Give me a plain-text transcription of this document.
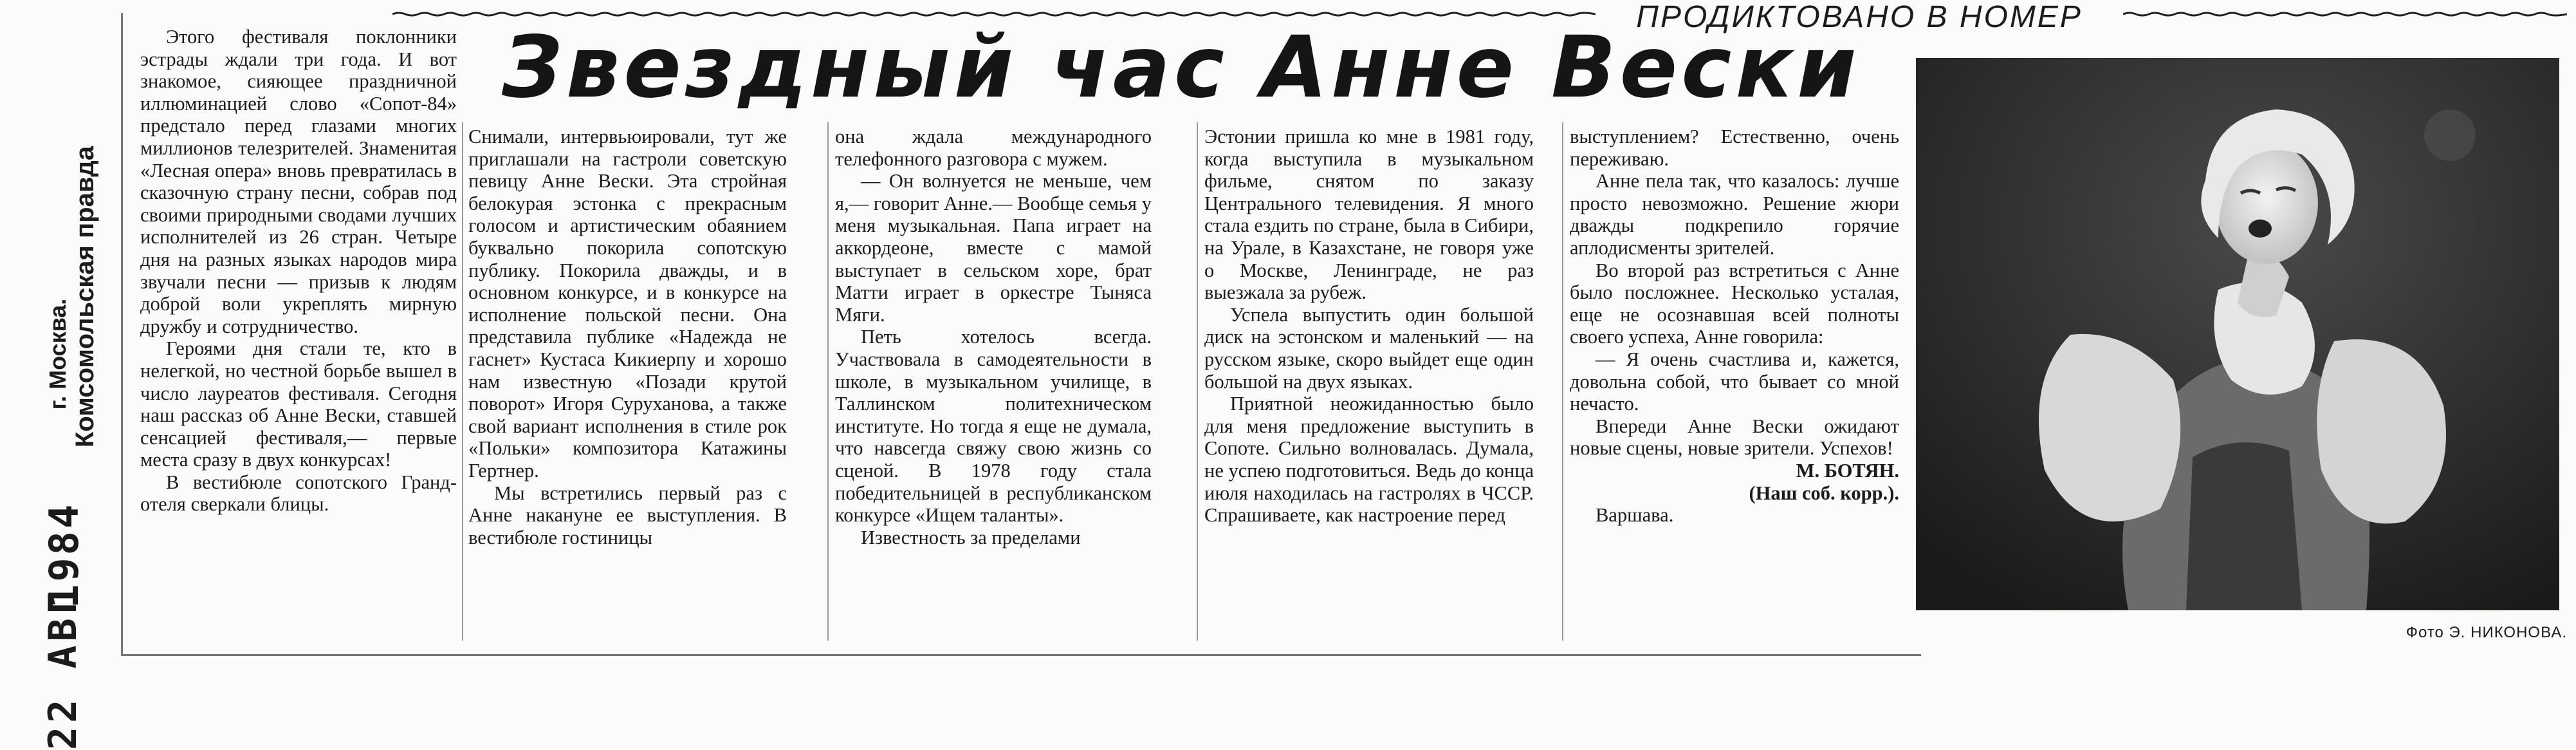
Комсомольская правда
г. Москва.
1984
22 АВГ
ПРОДИКТОВАНО В НОМЕР
Звездный час Анне Вески

Этого фестиваля поклонники эстрады ждали три года. И вот знакомое, сияющее праздничной иллюминацией слово «Сопот-84» предстало перед глазами многих миллионов телезрителей. Знаменитая «Лесная опера» вновь превратилась в сказочную страну песни, собрав под своими природными сводами лучших исполнителей из 26 стран. Четыре дня на разных языках народов мира звучали песни — призыв к людям доброй воли укреплять мирную дружбу и сотрудничество.

Героями дня стали те, кто в нелегкой, но честной борьбе вышел в число лауреатов фестиваля. Сегодня наш рассказ об Анне Вески, ставшей сенсацией фестиваля,— первые места сразу в двух конкурсах!

В вестибюле сопотского Гранд-отеля сверкали блицы.

Снимали, интервьюировали, тут же приглашали на гастроли советскую певицу Анне Вески. Эта стройная белокурая эстонка с прекрасным голосом и артистическим обаянием буквально покорила сопотскую публику. Покорила дважды, и в основном конкурсе, и в конкурсе на исполнение польской песни. Она представила публике «Надежда не гаснет» Кустаса Кикиерпу и хорошо нам известную «Позади крутой поворот» Игоря Суруханова, а также свой вариант исполнения в стиле рок «Польки» композитора Катажины Гертнер.

Мы встретились первый раз с Анне накануне ее выступления. В вестибюле гостиницы

она ждала международного телефонного разговора с мужем.

— Он волнуется не меньше, чем я,— говорит Анне.— Вообще семья у меня музыкальная. Папа играет на аккордеоне, вместе с мамой выступает в сельском хоре, брат Матти играет в оркестре Тыняса Мяги.

Петь хотелось всегда. Участвовала в самодеятельности в школе, в музыкальном училище, в Таллинском политехническом институте. Но тогда я еще не думала, что навсегда свяжу свою жизнь со сценой. В 1978 году стала победительницей в республиканском конкурсе «Ищем таланты».

Известность за пределами

Эстонии пришла ко мне в 1981 году, когда выступила в музыкальном фильме, снятом по заказу Центрального телевидения. Я много стала ездить по стране, была в Сибири, на Урале, в Казахстане, не говоря уже о Москве, Ленинграде, не раз выезжала за рубеж.

Успела выпустить один большой диск на эстонском и маленький — на русском языке, скоро выйдет еще один большой на двух языках.

Приятной неожиданностью было для меня предложение выступить в Сопоте. Сильно волновалась. Думала, не успею подготовиться. Ведь до конца июля находилась на гастролях в ЧССР. Спрашиваете, как настроение перед

выступлением? Естественно, очень переживаю.

Анне пела так, что казалось: лучше просто невозможно. Решение жюри дважды подкрепило горячие аплодисменты зрителей.

Во второй раз встретиться с Анне было посложнее. Несколько усталая, еще не осознавшая всей полноты своего успеха, Анне говорила:

— Я очень счастлива и, кажется, довольна собой, что бывает со мной нечасто.

Впереди Анне Вески ожидают новые сцены, новые зрители. Успехов!

М. БОТЯН.

(Наш соб. корр.).

Варшава.

Фото Э. НИКОНОВА.
